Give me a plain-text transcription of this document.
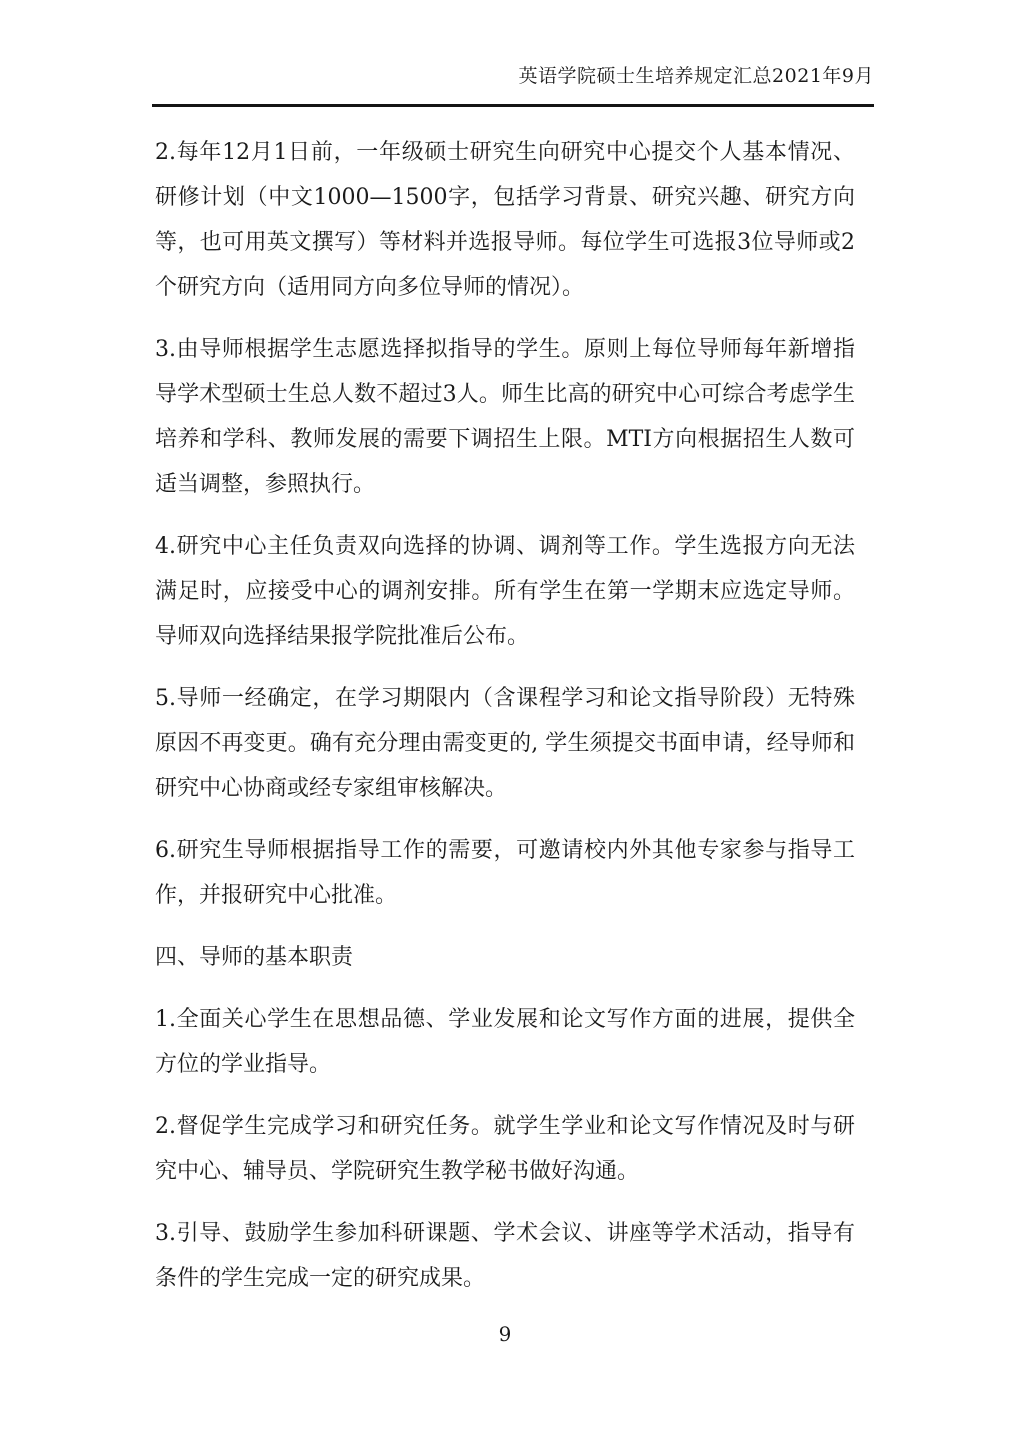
英语学院硕士生培养规定汇总2021年9月

2.每年12月1日前，一年级硕士研究生向研究中心提交个人基本情况、研修计划（中文1000—1500字，包括学习背景、研究兴趣、研究方向等，也可用英文撰写）等材料并选报导师。每位学生可选报3位导师或2个研究方向（适用同方向多位导师的情况）。

3.由导师根据学生志愿选择拟指导的学生。原则上每位导师每年新增指导学术型硕士生总人数不超过3人。师生比高的研究中心可综合考虑学生培养和学科、教师发展的需要下调招生上限。MTI方向根据招生人数可适当调整，参照执行。

4.研究中心主任负责双向选择的协调、调剂等工作。学生选报方向无法满足时，应接受中心的调剂安排。所有学生在第一学期末应选定导师。导师双向选择结果报学院批准后公布。

5.导师一经确定，在学习期限内（含课程学习和论文指导阶段）无特殊原因不再变更。确有充分理由需变更的, 学生须提交书面申请，经导师和研究中心协商或经专家组审核解决。

6.研究生导师根据指导工作的需要，可邀请校内外其他专家参与指导工作，并报研究中心批准。

四、导师的基本职责

1.全面关心学生在思想品德、学业发展和论文写作方面的进展，提供全方位的学业指导。

2.督促学生完成学习和研究任务。就学生学业和论文写作情况及时与研究中心、辅导员、学院研究生教学秘书做好沟通。

3.引导、鼓励学生参加科研课题、学术会议、讲座等学术活动，指导有条件的学生完成一定的研究成果。

9
